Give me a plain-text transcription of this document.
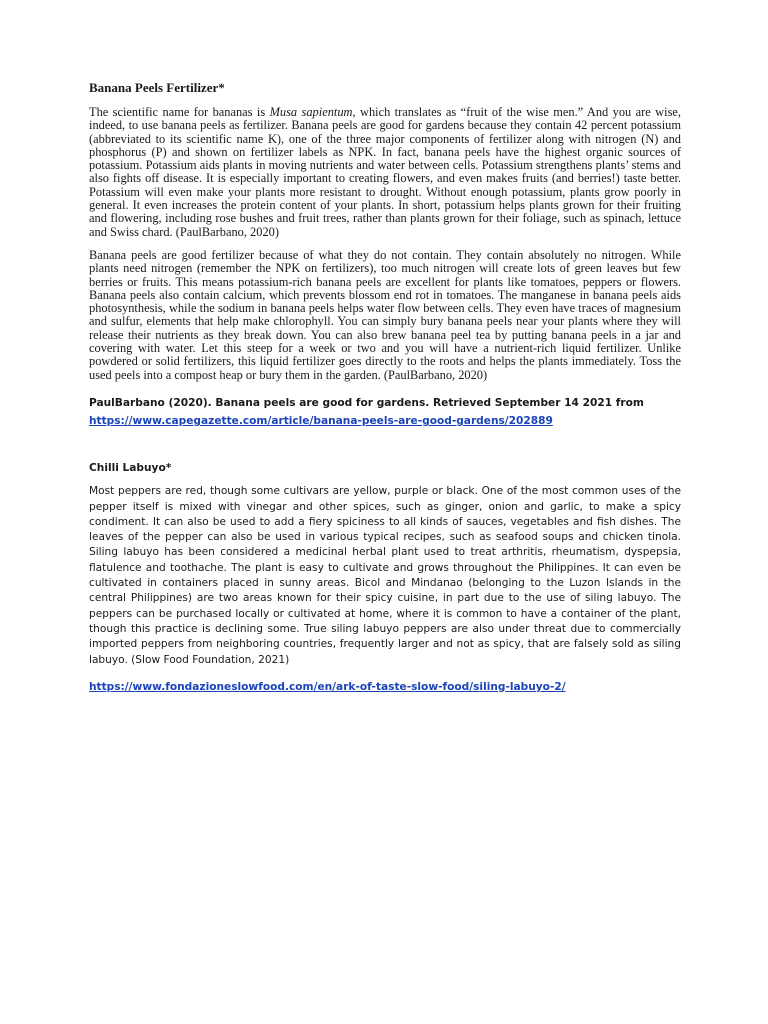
Banana Peels Fertilizer*

The scientific name for bananas is Musa sapientum, which translates as “fruit of the wise men.” And you are wise, indeed, to use banana peels as fertilizer. Banana peels are good for gardens because they contain 42 percent potassium (abbreviated to its scientific name K), one of the three major components of fertilizer along with nitrogen (N) and phosphorus (P) and shown on fertilizer labels as NPK. In fact, banana peels have the highest organic sources of potassium. Potassium aids plants in moving nutrients and water between cells. Potassium strengthens plants’ stems and also fights off disease. It is especially important to creating flowers, and even makes fruits (and berries!) taste better. Potassium will even make your plants more resistant to drought. Without enough potassium, plants grow poorly in general. It even increases the protein content of your plants. In short, potassium helps plants grown for their fruiting and flowering, including rose bushes and fruit trees, rather than plants grown for their foliage, such as spinach, lettuce and Swiss chard. (PaulBarbano, 2020)

Banana peels are good fertilizer because of what they do not contain. They contain absolutely no nitrogen. While plants need nitrogen (remember the NPK on fertilizers), too much nitrogen will create lots of green leaves but few berries or fruits. This means potassium-rich banana peels are excellent for plants like tomatoes, peppers or flowers. Banana peels also contain calcium, which prevents blossom end rot in tomatoes. The manganese in banana peels aids photosynthesis, while the sodium in banana peels helps water flow between cells. They even have traces of magnesium and sulfur, elements that help make chlorophyll. You can simply bury banana peels near your plants where they will release their nutrients as they break down. You can also brew banana peel tea by putting banana peels in a jar and covering with water. Let this steep for a week or two and you will have a nutrient-rich liquid fertilizer. Unlike powdered or solid fertilizers, this liquid fertilizer goes directly to the roots and helps the plants immediately. Toss the used peels into a compost heap or bury them in the garden. (PaulBarbano, 2020)

PaulBarbano (2020). Banana peels are good for gardens. Retrieved September 14 2021 from

https://www.capegazette.com/article/banana-peels-are-good-gardens/202889

Chilli Labuyo*

Most peppers are red, though some cultivars are yellow, purple or black. One of the most common uses of the pepper itself is mixed with vinegar and other spices, such as ginger, onion and garlic, to make a spicy condiment. It can also be used to add a fiery spiciness to all kinds of sauces, vegetables and fish dishes. The leaves of the pepper can also be used in various typical recipes, such as seafood soups and chicken tinola. Siling labuyo has been considered a medicinal herbal plant used to treat arthritis, rheumatism, dyspepsia, flatulence and toothache. The plant is easy to cultivate and grows throughout the Philippines. It can even be cultivated in containers placed in sunny areas. Bicol and Mindanao (belonging to the Luzon Islands in the central Philippines) are two areas known for their spicy cuisine, in part due to the use of siling labuyo. The peppers can be purchased locally or cultivated at home, where it is common to have a container of the plant, though this practice is declining some. True siling labuyo peppers are also under threat due to commercially imported peppers from neighboring countries, frequently larger and not as spicy, that are falsely sold as siling labuyo. (Slow Food Foundation, 2021)

https://www.fondazioneslowfood.com/en/ark-of-taste-slow-food/siling-labuyo-2/
